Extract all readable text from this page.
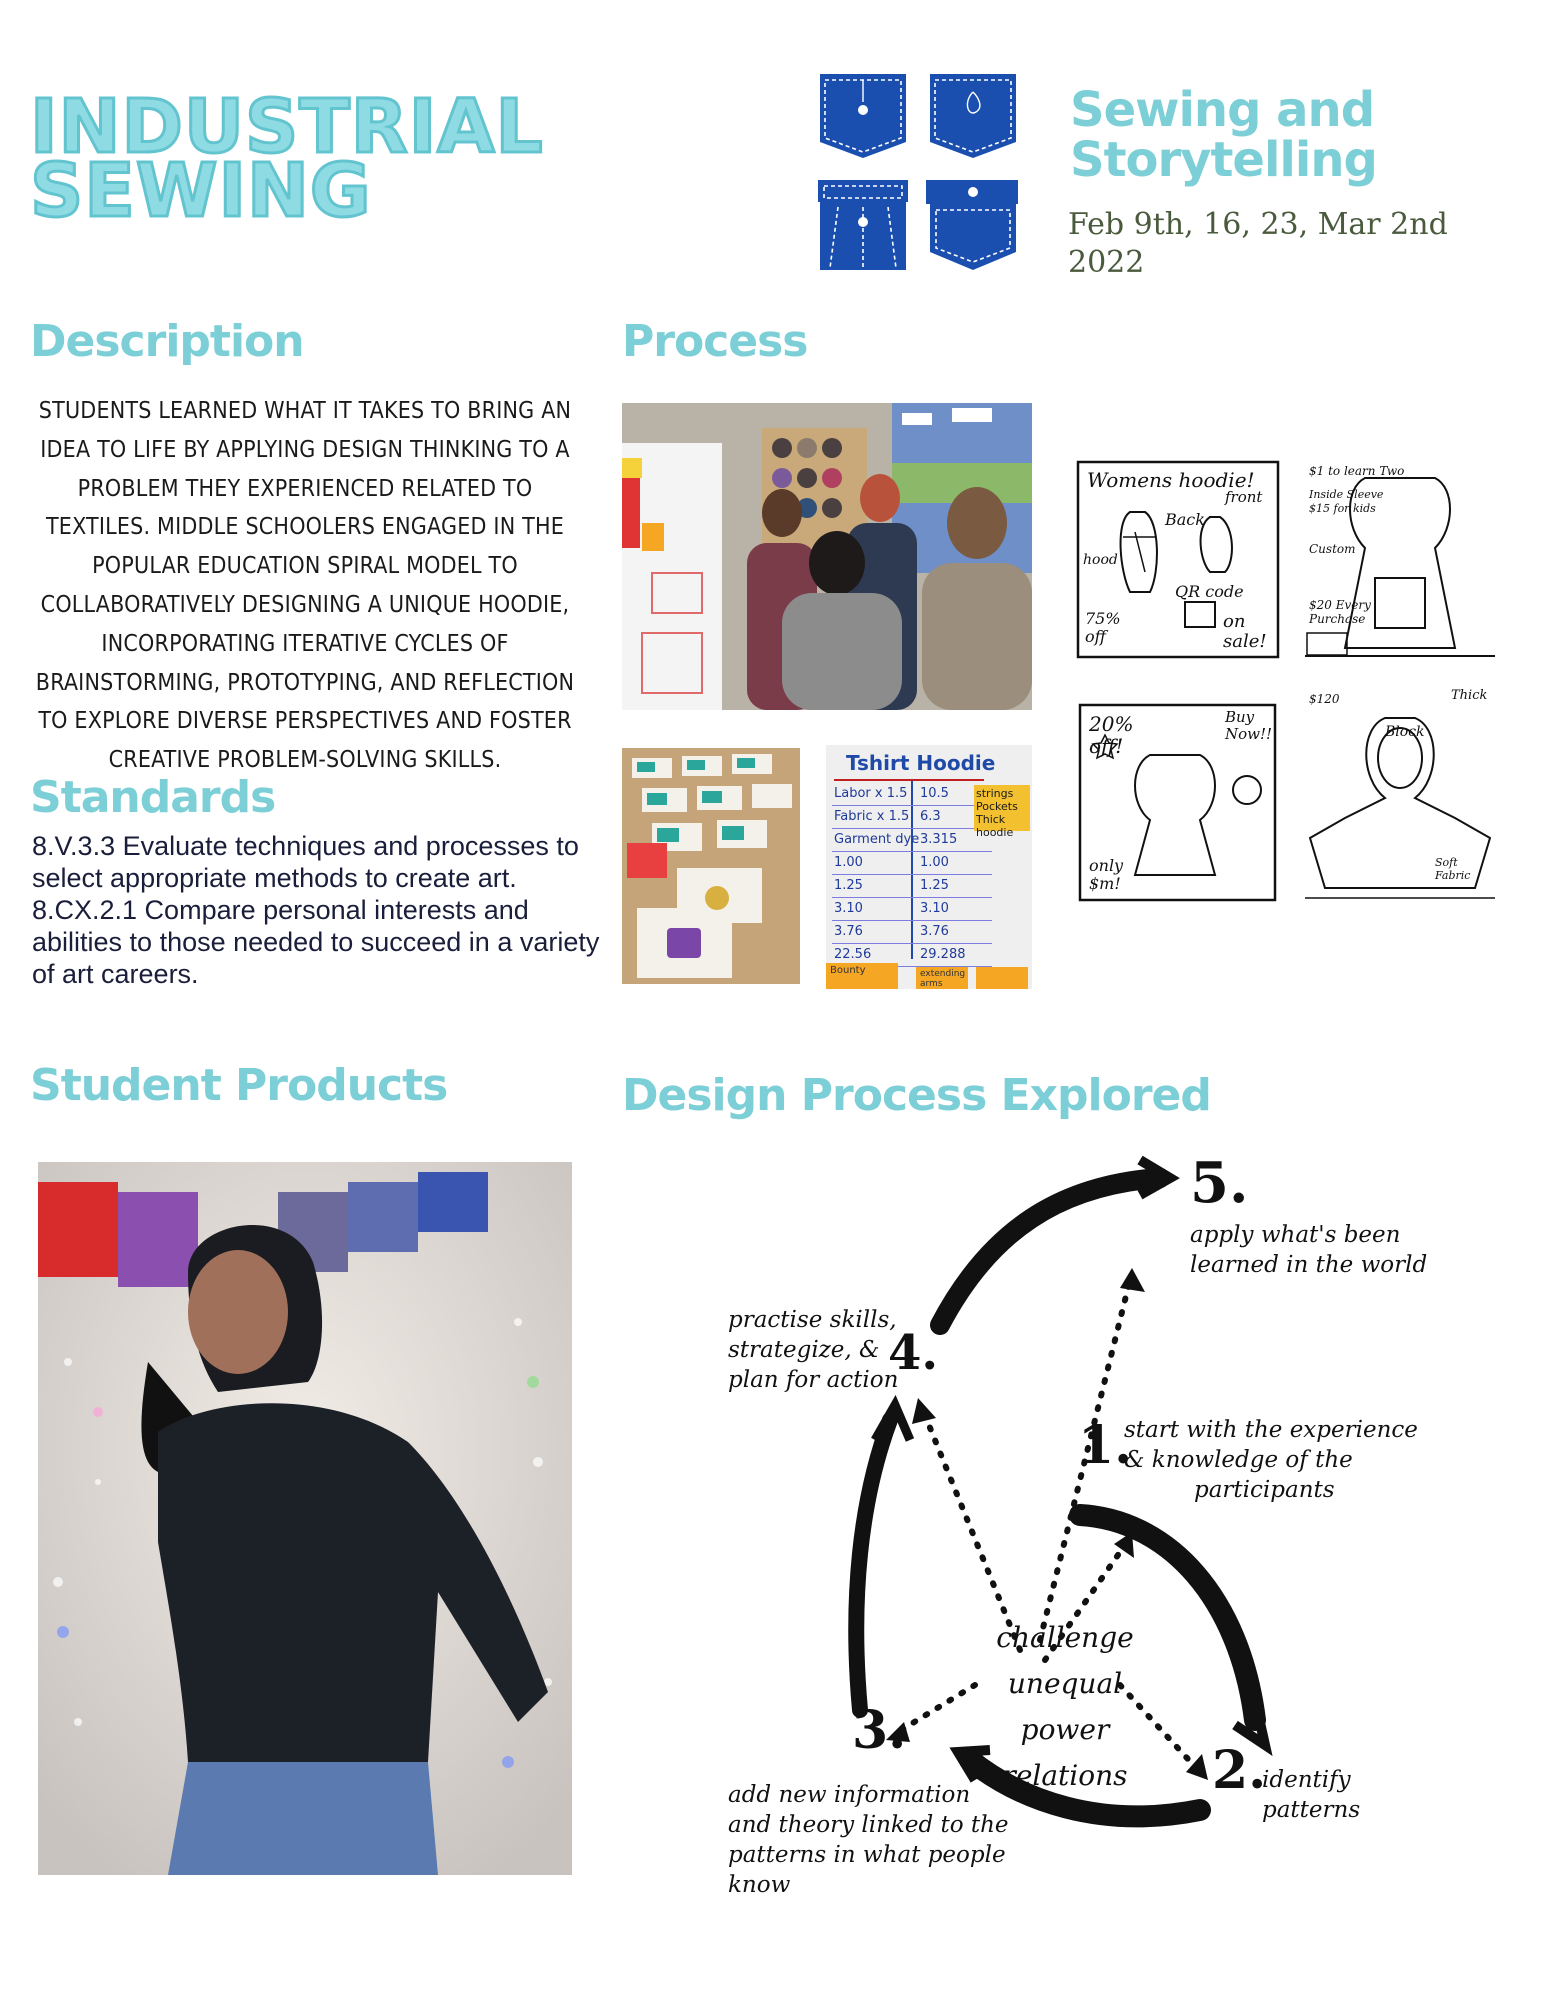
INDUSTRIAL
SEWING
Sewing and
Storytelling
Feb 9th, 16, 23, Mar 2nd 2022
Description
STUDENTS LEARNED WHAT IT TAKES TO BRING AN IDEA TO LIFE BY APPLYING DESIGN THINKING TO A PROBLEM THEY EXPERIENCED RELATED TO TEXTILES. MIDDLE SCHOOLERS ENGAGED IN THE POPULAR EDUCATION SPIRAL MODEL TO COLLABORATIVELY DESIGNING A UNIQUE HOODIE, INCORPORATING ITERATIVE CYCLES OF BRAINSTORMING, PROTOTYPING, AND REFLECTION TO EXPLORE DIVERSE PERSPECTIVES AND FOSTER CREATIVE PROBLEM-SOLVING SKILLS.
Standards
8.V.3.3 Evaluate techniques and processes to select appropriate methods to create art.
8.CX.2.1 Compare personal interests and abilities to those needed to succeed in a variety of art careers.
Process
Tshirt Hoodie
Labor x 1.5 10.5
Fabric x 1.5 6.3
Garment dye 3.315
1.00	1.00
1.25	1.25
3.10	3.10
3.76	3.76
22.56	29.288
strings Pockets Thick hoodie
Bounty	extending arms
Womens hoodie!
front
Back
hood
QR code
75% off
on sale!
$1 to learn Two
Inside Sleeve
$15 for kids
Custom
$20 Every Purchase
20% off!
Buy Now!!
only $m!
$120	Thick
Block
Soft Fabric
Student Products	Design Process Explored
5.
apply what's been
learned in the world
4.
practise skills,
strategize, &
plan for action
1.
start with the experience
& knowledge of the
participants
challenge unequal
power relations
3.
add new information
and theory linked to the
patterns in what people
know
2.
identify
patterns
